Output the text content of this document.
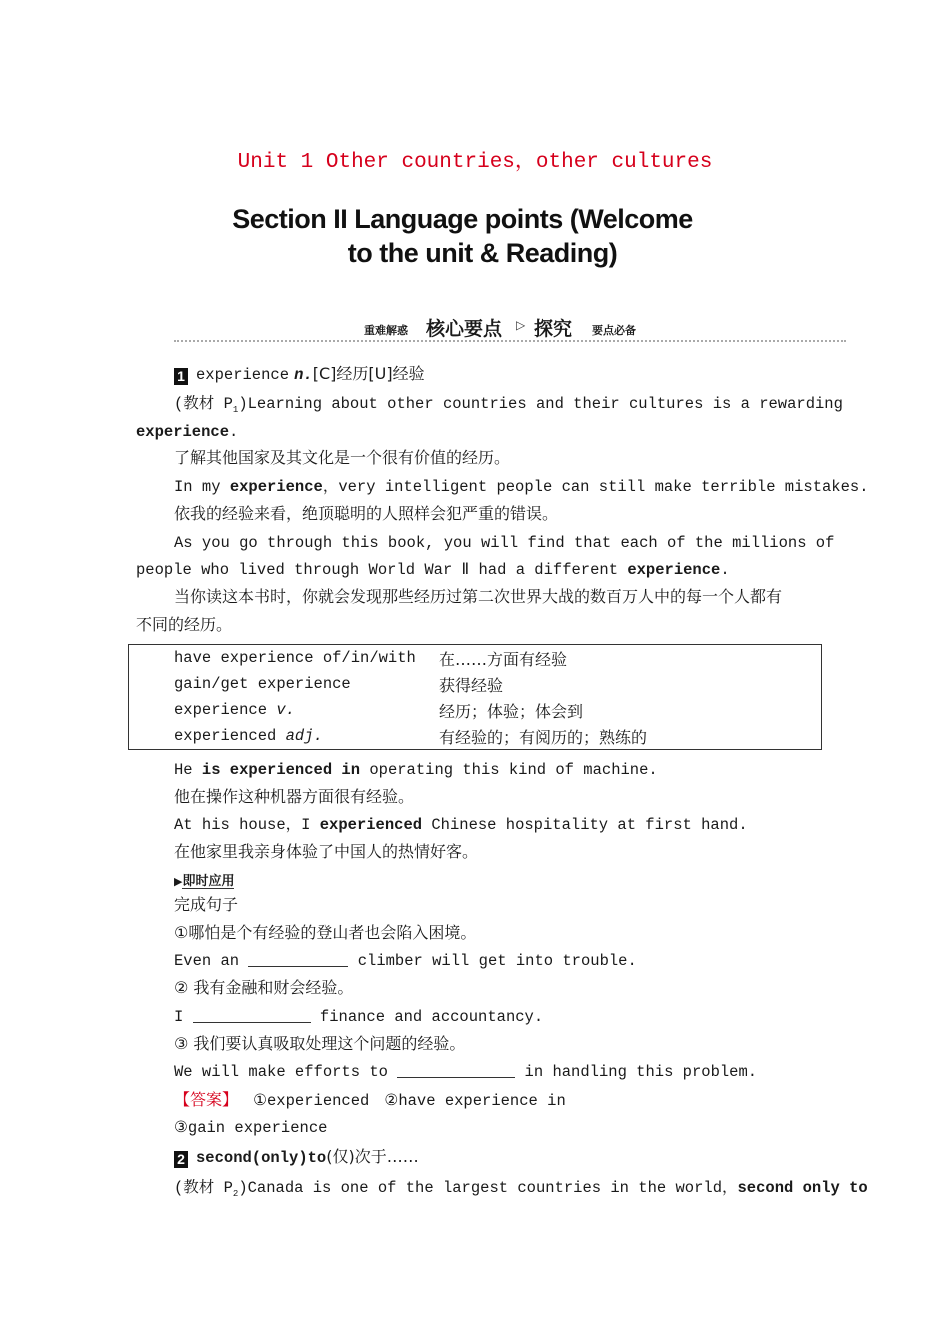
Unit 1 Other countries，other cultures
Section II Language points (Welcome
to the unit & Reading)
重难解惑 核心要点 ▷ 探究 要点必备
1 experience n.[C]经历[U]经验
(教材 $P_1)Learning$ about other countries and their cultures is a rewarding
experience.
了解其他国家及其文化是一个很有价值的经历。
In my experience，very intelligent people can still make terrible mistakes.
依我的经验来看，绝顶聪明的人照样会犯严重的错误。
As you go through this book, you will find that each of the millions of
people who lived through World War Ⅱ had a different experience.
当你读这本书时，你就会发现那些经历过第二次世界大战的数百万人中的每一个人都有
不同的经历。
have experience of/in/with	在……方面有经验
gain/get experience	获得经验
experience v.	经历；体验；体会到
experienced adj.	有经验的；有阅历的；熟练的
He is experienced in operating this kind of machine.
他在操作这种机器方面很有经验。
At his house，I experienced Chinese hospitality at first hand.
在他家里我亲身体验了中国人的热情好客。
▶即时应用
完成句子
①哪怕是个有经验的登山者也会陷入困境。
Even an	climber will get into trouble.
② 我有金融和财会经验。
I	finance and accountancy.
③ 我们要认真吸取处理这个问题的经验。
We will make efforts to	in handling this problem.
【答案】 ①experienced ②have experience in
③gain experience
2 second(only)to(仅)次于……
(教材 $P_2)Canada$ is one of the largest countries in the world，second only to
